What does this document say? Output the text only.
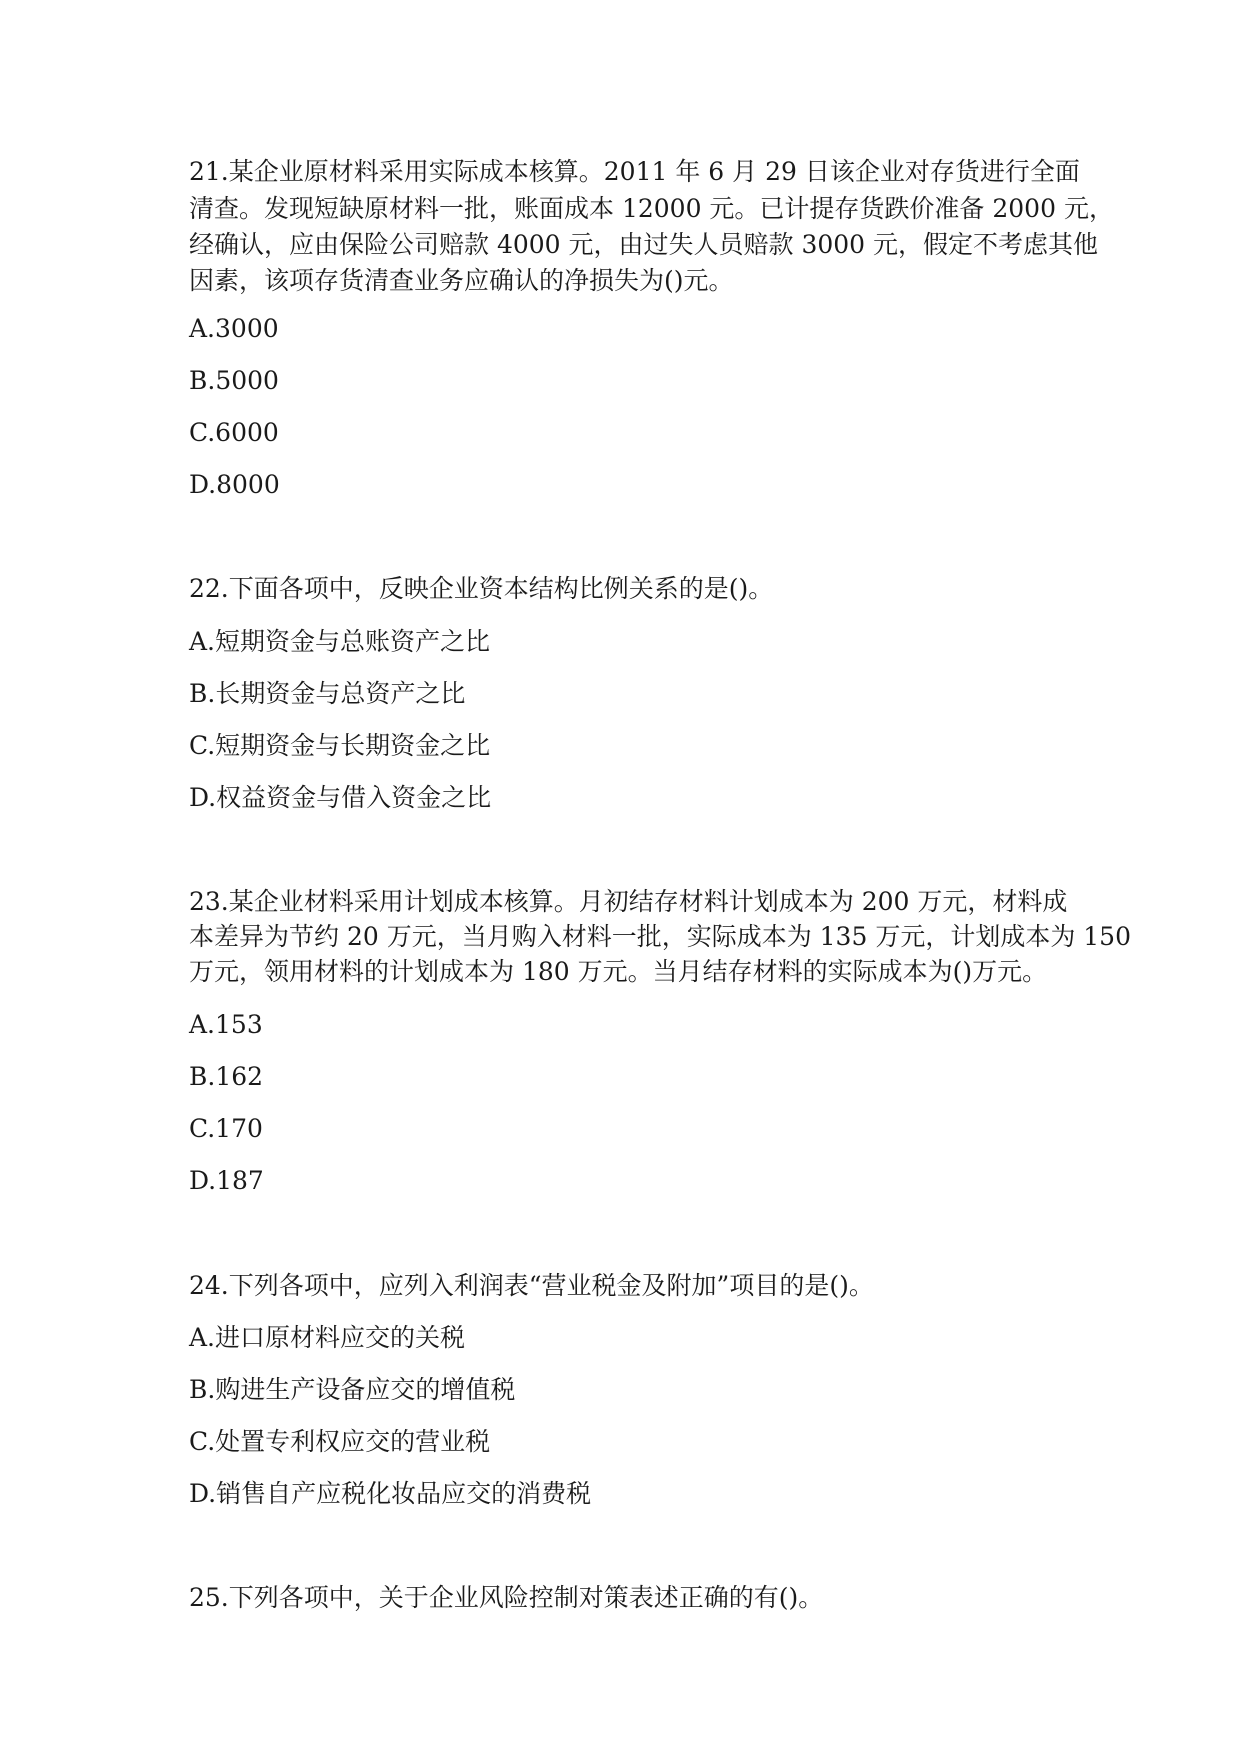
21.某企业原材料采用实际成本核算。2011 年 6 月 29 日该企业对存货进行全面
清查。发现短缺原材料一批，账面成本 12000 元。已计提存货跌价准备 2000 元，
经确认，应由保险公司赔款 4000 元，由过失人员赔款 3000 元，假定不考虑其他
因素，该项存货清查业务应确认的净损失为()元。
A.3000
B.5000
C.6000
D.8000
22.下面各项中，反映企业资本结构比例关系的是()。
A.短期资金与总账资产之比
B.长期资金与总资产之比
C.短期资金与长期资金之比
D.权益资金与借入资金之比
23.某企业材料采用计划成本核算。月初结存材料计划成本为 200 万元，材料成
本差异为节约 20 万元，当月购入材料一批，实际成本为 135 万元，计划成本为 150
万元，领用材料的计划成本为 180 万元。当月结存材料的实际成本为()万元。
A.153
B.162
C.170
D.187
24.下列各项中，应列入利润表“营业税金及附加”项目的是()。
A.进口原材料应交的关税
B.购进生产设备应交的增值税
C.处置专利权应交的营业税
D.销售自产应税化妆品应交的消费税
25.下列各项中，关于企业风险控制对策表述正确的有()。
